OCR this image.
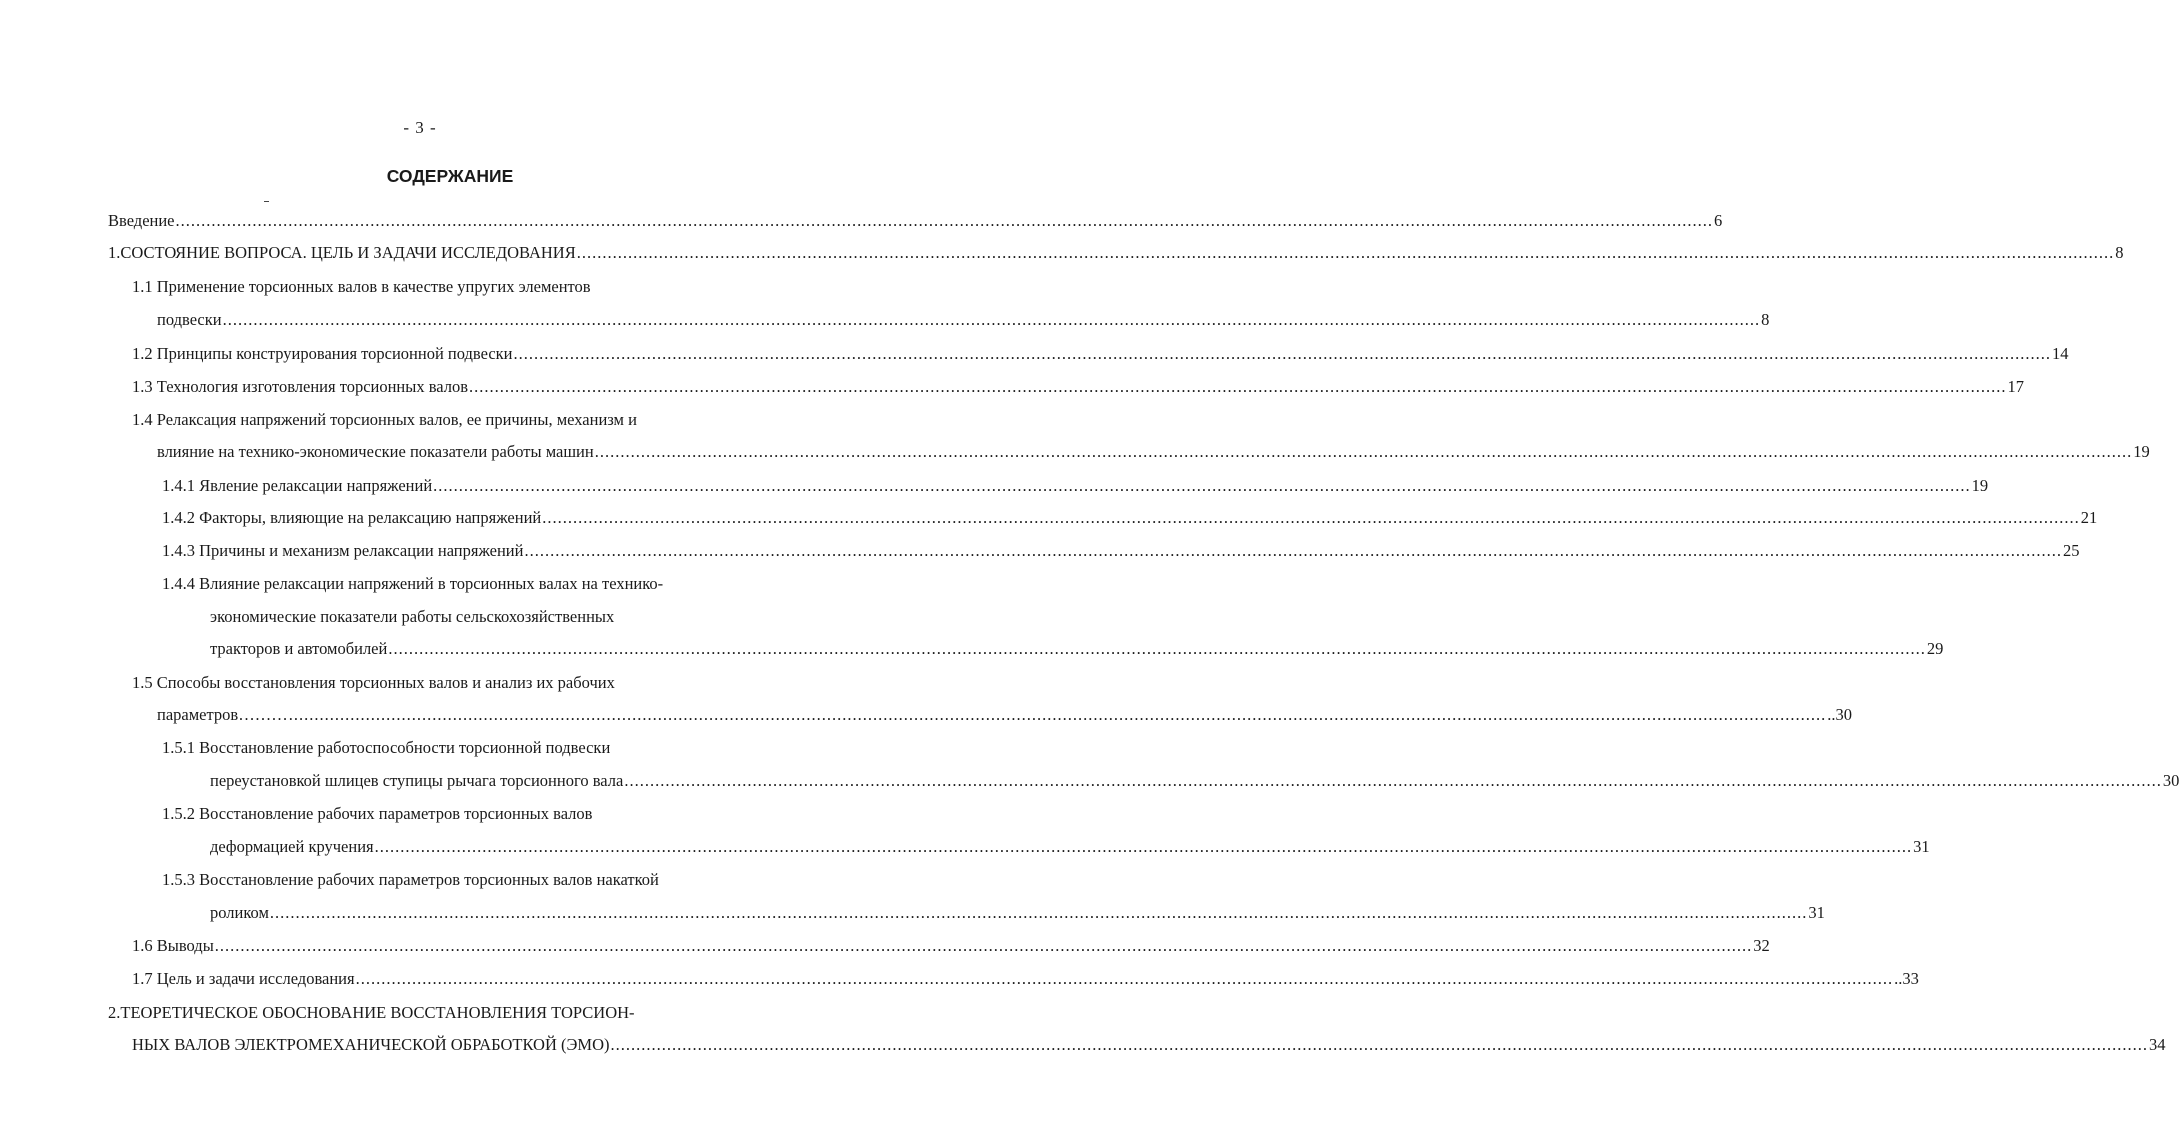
- 3 -
СОДЕРЖАНИЕ
Введение ............................................................................................................................................................................................................................................................................................................ 6
1.СОСТОЯНИЕ ВОПРОСА. ЦЕЛЬ И ЗАДАЧИ ИССЛЕДОВАНИЯ ............................................................................................................................................................................................................................................................................................................ 8
1.1 Применение торсионных валов в качестве упругих элементов
подвески ............................................................................................................................................................................................................................................................................................................ 8
1.2 Принципы конструирования торсионной подвески ............................................................................................................................................................................................................................................................................................................ 14
1.3 Технология изготовления торсионных валов ............................................................................................................................................................................................................................................................................................................ 17
1.4 Релаксация напряжений торсионных валов, ее причины, механизм и
влияние на технико-экономические показатели работы машин ............................................................................................................................................................................................................................................................................................................ 19
1.4.1 Явление релаксации напряжений ............................................................................................................................................................................................................................................................................................................ 19
1.4.2 Факторы, влияющие на релаксацию напряжений ............................................................................................................................................................................................................................................................................................................ 21
1.4.3 Причины и механизм релаксации напряжений ............................................................................................................................................................................................................................................................................................................ 25
1.4.4 Влияние релаксации напряжений в торсионных валах на технико-
экономические показатели работы сельскохозяйственных
тракторов и автомобилей ............................................................................................................................................................................................................................................................................................................ 29
1.5 Способы восстановления торсионных валов и анализ их рабочих
параметров……… ............................................................................................................................................................................................................................................................................................................ ..30
1.5.1 Восстановление работоспособности торсионной подвески
переустановкой шлицев ступицы рычага торсионного вала ............................................................................................................................................................................................................................................................................................................ 30
1.5.2 Восстановление рабочих параметров торсионных валов
деформацией кручения ............................................................................................................................................................................................................................................................................................................ 31
1.5.3 Восстановление рабочих параметров торсионных валов накаткой
роликом ............................................................................................................................................................................................................................................................................................................ 31
1.6 Выводы ............................................................................................................................................................................................................................................................................................................ 32
1.7 Цель и задачи исследования ............................................................................................................................................................................................................................................................................................................ ..33
2.ТЕОРЕТИЧЕСКОЕ ОБОСНОВАНИЕ ВОССТАНОВЛЕНИЯ ТОРСИОН-
НЫХ ВАЛОВ ЭЛЕКТРОМЕХАНИЧЕСКОЙ ОБРАБОТКОЙ (ЭМО) ............................................................................................................................................................................................................................................................................................................ 34
